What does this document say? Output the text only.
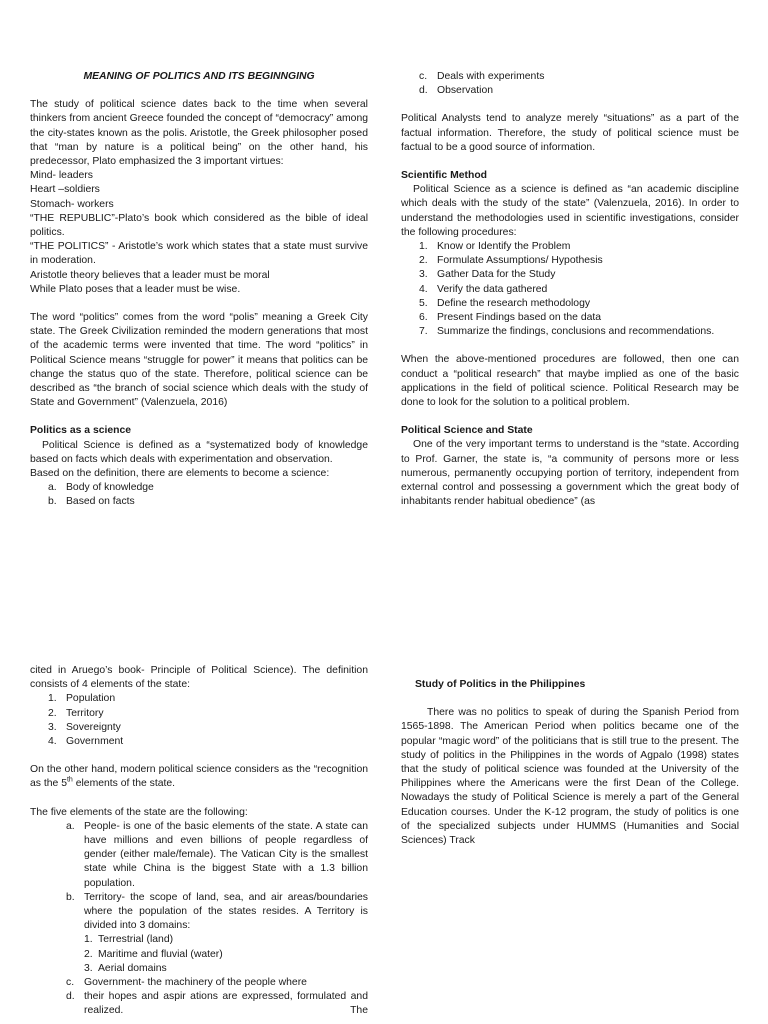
MEANING OF POLITICS AND ITS BEGINNGING

The study of political science dates back to the time when several thinkers from ancient Greece founded the concept of “democracy” among the city-states known as the polis. Aristotle, the Greek philosopher posed that “man by nature is a political being” on the other hand, his predecessor, Plato emphasized the 3 important virtues:

Mind- leaders

Heart –soldiers

Stomach- workers

“THE REPUBLIC”-Plato’s book which considered as the bible of ideal politics.

“THE POLITICS” - Aristotle’s work which states that a state must survive in moderation.

Aristotle theory believes that a leader must be moral

While Plato poses that a leader must be wise.

The word “politics” comes from the word “polis” meaning a Greek City state. The Greek Civilization reminded the modern generations that most of the academic terms were invented that time. The word “politics” in Political Science means “struggle for power” it means that politics can be change the status quo of the state. Therefore, political science can be described as “the branch of social science which deals with the study of State and Government” (Valenzuela, 2016)

Politics as a science

Political Science is defined as a “systematized body of knowledge based on facts which deals with experimentation and observation.

Based on the definition, there are elements to become a science:

a. Body of knowledge
b. Based on facts
c. Deals with experiments
d. Observation

Political Analysts tend to analyze merely “situations” as a part of the factual information. Therefore, the study of political science must be factual to be a good source of information.

Scientific Method

Political Science as a science is defined as “an academic discipline which deals with the study of the state” (Valenzuela, 2016). In order to understand the methodologies used in scientific investigations, consider the following procedures:

1. Know or Identify the Problem
2. Formulate Assumptions/ Hypothesis
3. Gather Data for the Study
4. Verify the data gathered
5. Define the research methodology
6. Present Findings based on the data
7. Summarize the findings, conclusions and recommendations.

When the above-mentioned procedures are followed, then one can conduct a “political research” that maybe implied as one of the basic applications in the field of political science. Political Research may be done to look for the solution to a political problem.

Political Science and State

One of the very important terms to understand is the “state. According to Prof. Garner, the state is, “a community of persons more or less numerous, permanently occupying portion of territory, independent from external control and possessing a government which the great body of inhabitants render habitual obedience” (as

cited in Aruego’s book- Principle of Political Science). The definition consists of 4 elements of the state:

1. Population
2. Territory
3. Sovereignty
4. Government

On the other hand, modern political science considers as the “recognition as the 5th elements of the state.

The five elements of the state are the following:

a. People- is one of the basic elements of the state. A state can have millions and even billions of people regardless of gender (either male/female). The Vatican City is the smallest state while China is the biggest State with a 1.3 billion population.
b. Territory- the scope of land, sea, and air areas/boundaries where the population of the states resides. A Territory is divided into 3 domains:
1. Terrestrial (land)
2. Maritime and fluvial (water)
3. Aerial domains
c. Government- the machinery of the people where
d. their hopes and aspir ations are expressed, formulated and realized. The

Study of Politics in the Philippines

There was no politics to speak of during the Spanish Period from 1565-1898. The American Period when politics became one of the popular “magic word” of the politicians that is still true to the present. The study of politics in the Philippines in the words of Agpalo (1998) states that the study of political science was founded at the University of the Philippines where the Americans were the first Dean of the College. Nowadays the study of Political Science is merely a part of the General Education courses. Under the K-12 program, the study of politics is one of the specialized subjects under HUMMS (Humanities and Social Sciences) Track
